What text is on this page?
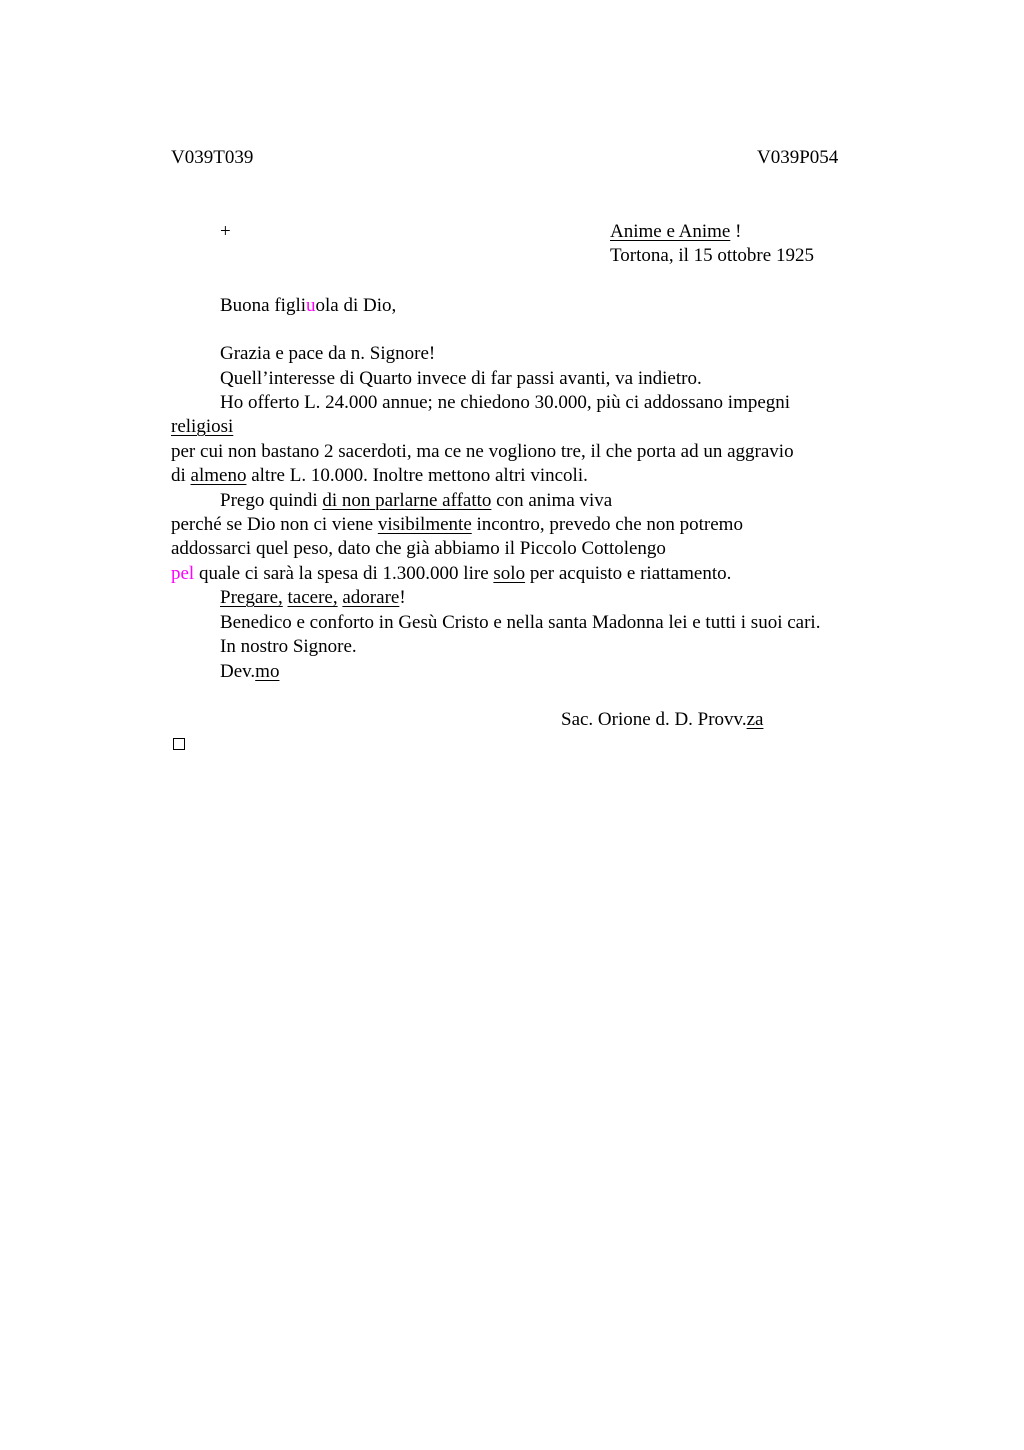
V039T039	V039P054
+	Anime e Anime !
Tortona, il 15 ottobre 1925
Buona figliuola di Dio,
Grazia e pace da n. Signore!
Quell’interesse di Quarto invece di far passi avanti, va indietro.
Ho offerto L. 24.000 annue; ne chiedono 30.000, più ci addossano impegni
religiosi
per cui non bastano 2 sacerdoti, ma ce ne vogliono tre, il che porta ad un aggravio
di almeno altre L. 10.000. Inoltre mettono altri vincoli.
Prego quindi di non parlarne affatto con anima viva
perché se Dio non ci viene visibilmente incontro, prevedo che non potremo
addossarci quel peso, dato che già abbiamo il Piccolo Cottolengo
pel quale ci sarà la spesa di 1.300.000 lire solo per acquisto e riattamento.
Pregare, tacere, adorare!
Benedico e conforto in Gesù Cristo e nella santa Madonna lei e tutti i suoi cari.
In nostro Signore.
Dev.mo
Sac. Orione d. D. Provv.za
